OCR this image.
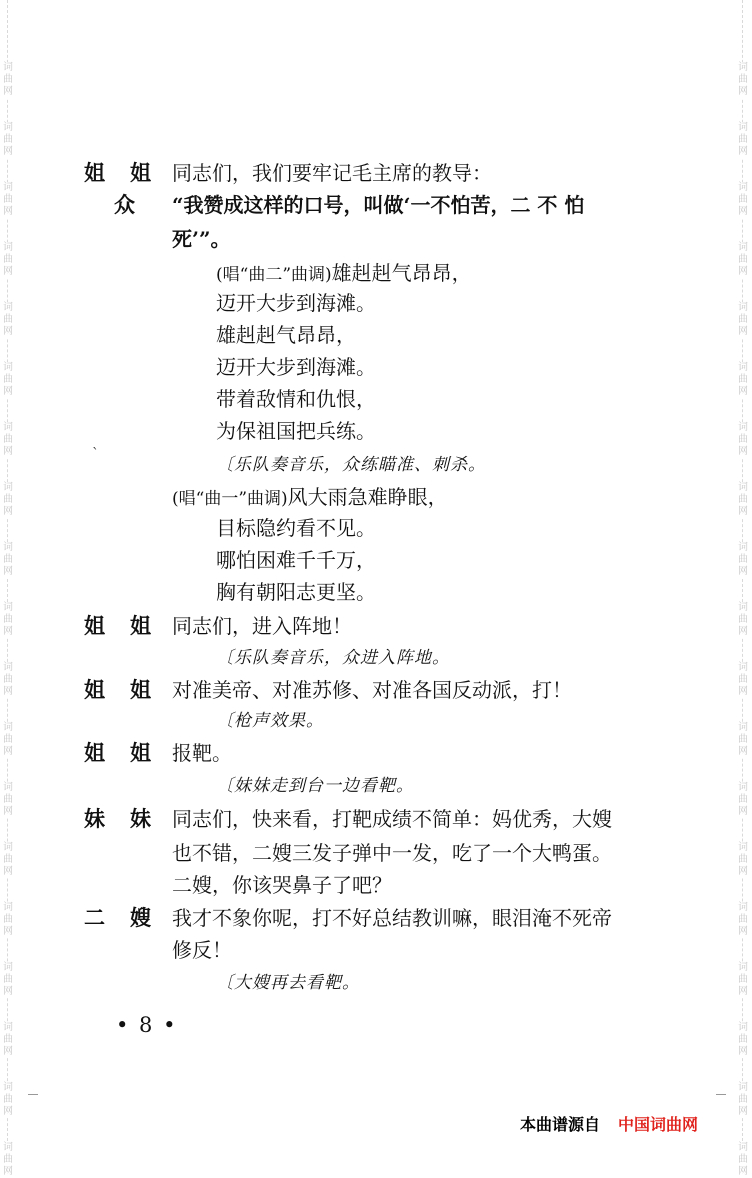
词
曲
网
词
曲
网
词
曲
网
词
曲
网
词
曲
网
词
曲
网
词
曲
网
词
曲
网
词
曲
网
词
曲
网
词
曲
网
词
曲
网
词
曲
网
词
曲
网
词
曲
网
词
曲
网
词
曲
网
词
曲
网
词
曲
网
词
曲
网
词
曲
网
词
曲
网
词
曲
网
词
曲
网
词
曲
网
词
曲
网
词
曲
网
词
曲
网
词
曲
网
词
曲
网
词
曲
网
词
曲
网
词
曲
网
词
曲
网
词
曲
网
词
曲
网
词
曲
网
词
曲
网
ˋ
姐 姐 同志们，我们要牢记毛主席的教导：
众 “我赞成这样的口号，叫做‘一不怕苦，二 不 怕
死’”。
(唱“曲二”曲调)雄赳赳气昂昂，
迈开大步到海滩。
雄赳赳气昂昂，
迈开大步到海滩。
带着敌情和仇恨，
为保祖国把兵练。
〔乐队奏音乐，众练瞄准、刺杀。
(唱“曲一”曲调)风大雨急难睁眼，
目标隐约看不见。
哪怕困难千千万，
胸有朝阳志更坚。
姐 姐 同志们，进入阵地！
〔乐队奏音乐，众进入阵地。
姐 姐 对准美帝、对准苏修、对准各国反动派，打！
〔枪声效果。
姐 姐 报靶。
〔妹妹走到台一边看靶。
妹 妹 同志们，快来看，打靶成绩不简单：妈优秀，大嫂
也不错，二嫂三发子弹中一发，吃了一个大鸭蛋。
二嫂，你该哭鼻子了吧？
二 嫂 我才不象你呢，打不好总结教训嘛，眼泪淹不死帝
修反！
〔大嫂再去看靶。
• 8 •
本曲谱源自 中国词曲网
